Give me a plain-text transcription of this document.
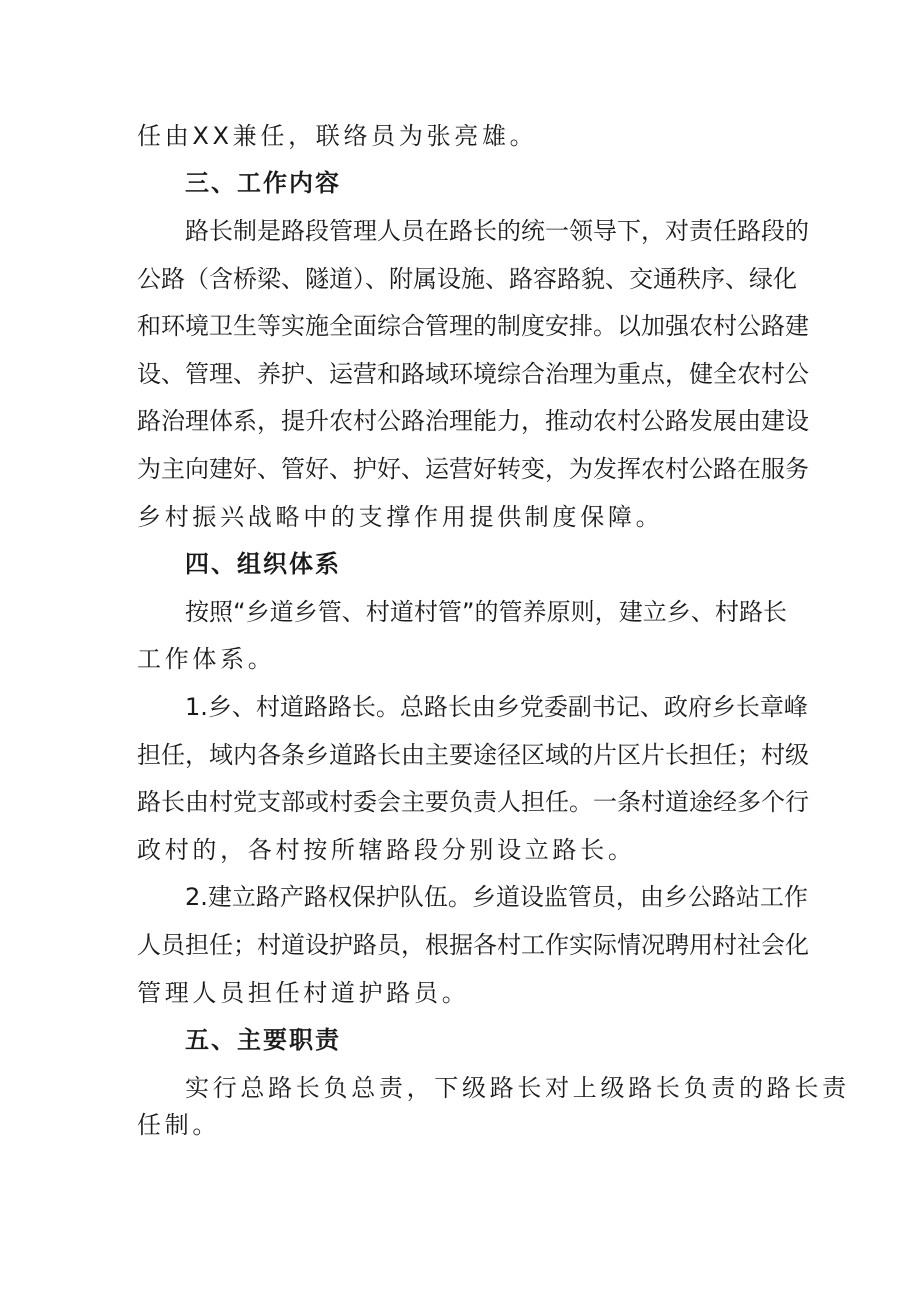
任由XX兼任，联络员为张亮雄。
三、工作内容
路长制是路段管理人员在路长的统一领导下，对责任路段的
公路（含桥梁、隧道）、附属设施、路容路貌、交通秩序、绿化
和环境卫生等实施全面综合管理的制度安排。以加强农村公路建
设、管理、养护、运营和路域环境综合治理为重点，健全农村公
路治理体系，提升农村公路治理能力，推动农村公路发展由建设
为主向建好、管好、护好、运营好转变，为发挥农村公路在服务
乡村振兴战略中的支撑作用提供制度保障。
四、组织体系
按照“乡道乡管、村道村管”的管养原则，建立乡、村路长
工作体系。
1.乡、村道路路长。总路长由乡党委副书记、政府乡长章峰
担任，域内各条乡道路长由主要途径区域的片区片长担任；村级
路长由村党支部或村委会主要负责人担任。一条村道途经多个行
政村的，各村按所辖路段分别设立路长。
2.建立路产路权保护队伍。乡道设监管员，由乡公路站工作
人员担任；村道设护路员，根据各村工作实际情况聘用村社会化
管理人员担任村道护路员。
五、主要职责
实行总路长负总责，下级路长对上级路长负责的路长责
任制。
